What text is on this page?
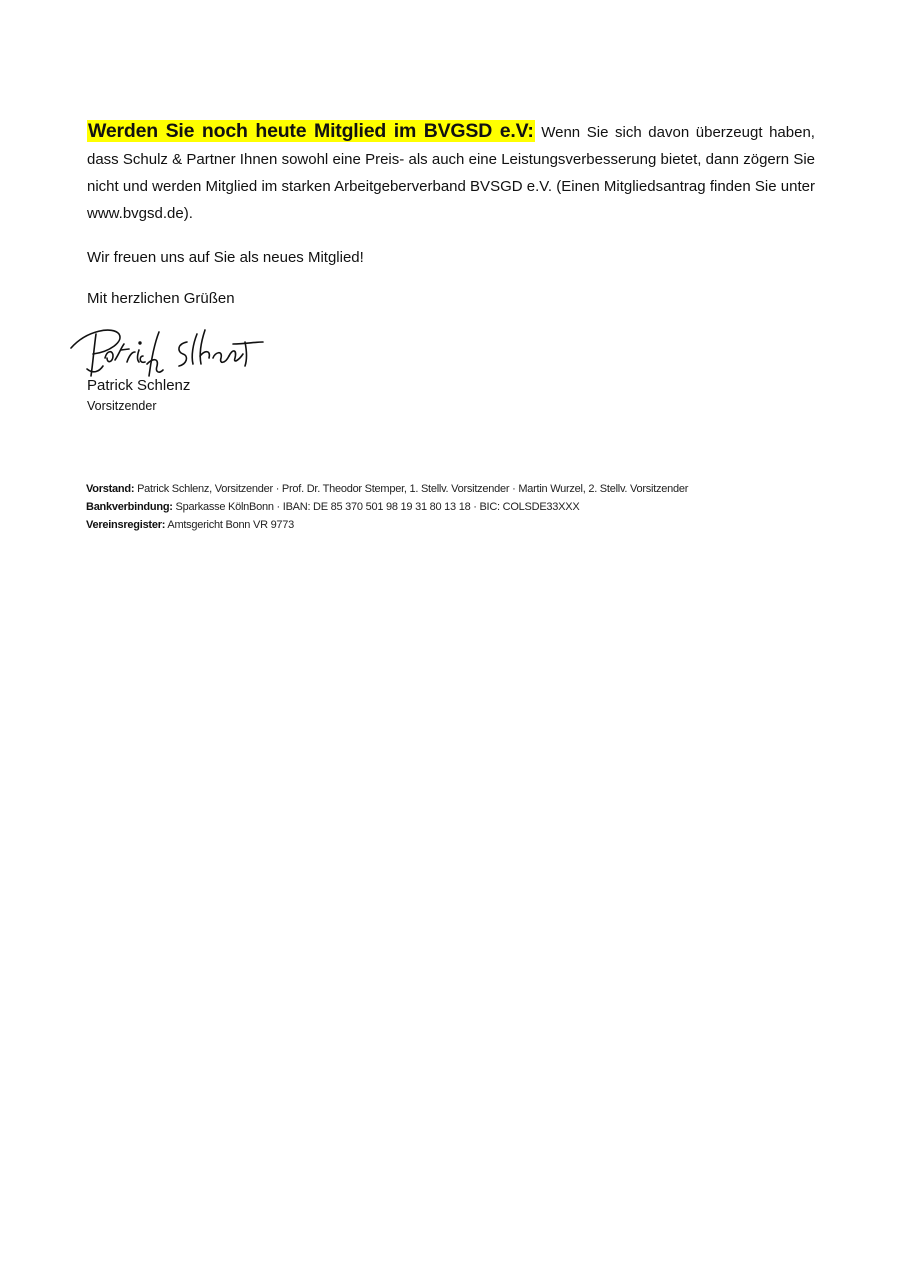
Werden Sie noch heute Mitglied im BVGSD e.V: Wenn Sie sich davon überzeugt haben, dass Schulz & Partner Ihnen sowohl eine Preis- als auch eine Leistungsverbesserung bietet, dann zögern Sie nicht und werden Mitglied im starken Arbeitgeberverband BVSGD e.V. (Einen Mitgliedsantrag finden Sie unter www.bvgsd.de).

Wir freuen uns auf Sie als neues Mitglied!

Mit herzlichen Grüßen

Patrick Schlenz

Vorsitzender

Vorstand: Patrick Schlenz, Vorsitzender · Prof. Dr. Theodor Stemper, 1. Stellv. Vorsitzender · Martin Wurzel, 2. Stellv. Vorsitzender

Bankverbindung: Sparkasse KölnBonn · IBAN: DE 85 370 501 98 19 31 80 13 18 · BIC: COLSDE33XXX

Vereinsregister: Amtsgericht Bonn VR 9773
